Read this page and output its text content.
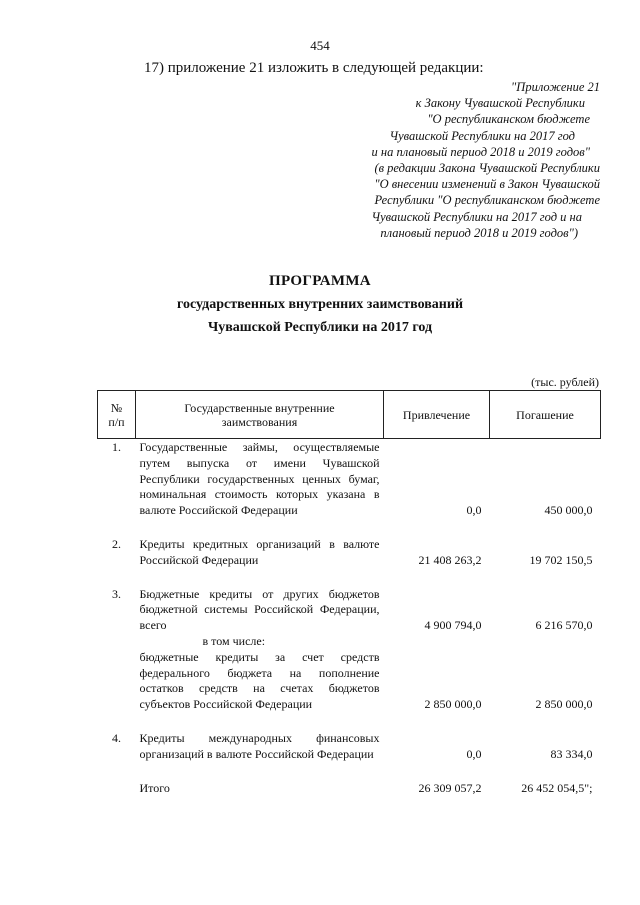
454
17) приложение 21 изложить в следующей редакции:
"Приложение 21
к Закону Чувашской Республики
"О республиканском бюджете
Чувашской Республики на 2017 год
и на плановый период 2018 и 2019 годов"
(в редакции Закона Чувашской Республики
"О внесении изменений в Закон Чувашской
Республики "О республиканском бюджете
Чувашской Республики на 2017 год и на
плановый период 2018 и 2019 годов")
ПРОГРАММА
государственных внутренних заимствований
Чувашской Республики на 2017 год
(тыс. рублей)
№ п/п	Государственные внутренние заимствования	Привлечение	Погашение
1.	Государственные займы, осуществляемые путем выпуска от имени Чувашской Республики государственных ценных бумаг, номинальная стоимость которых указана в валюте Российской Федерации	0,0	450 000,0

2.	Кредиты кредитных организаций в валюте Российской Федерации	21 408 263,2	19 702 150,5

3.	Бюджетные кредиты от других бюджетов бюджетной системы Российской Федерации, всего	4 900 794,0	6 216 570,0

	в том числе:
бюджетные кредиты за счет средств федерального бюджета на пополнение остатков средств на счетах бюджетов субъектов Российской Федерации	2 850 000,0	2 850 000,0

4.	Кредиты международных финансовых организаций в валюте Российской Федерации	0,0	83 334,0

	Итого	26 309 057,2	26 452 054,5";
